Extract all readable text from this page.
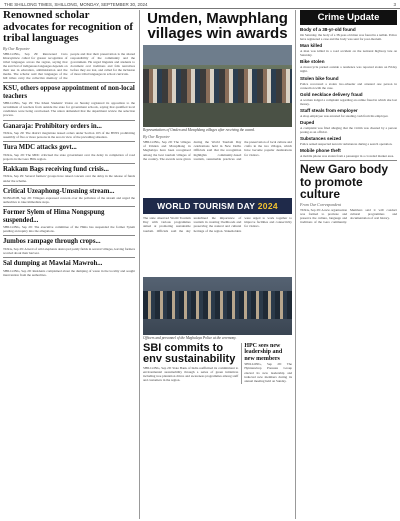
THE SHILLONG TIMES, SHILLONG, MONDAY, SEPTEMBER 30, 2024	3
Renowned scholar advocates for recognition of tribal languages
By Our Reporter

SHILLONG, Sep 29: Renowned Cuto Kharsyntiew called for greater recognition of tribal languages across the region, saying that the survival of indigenous languages depends on their use in education, administration and the media. The scholar said that languages of the hill tribes carry the collective memory of the people and that their preservation is the shared responsibility of the community and the government. He urged linguists and students to document oral traditions and folk narratives before they are lost, and called for the inclusion of more tribal languages in school curricula.

KSU, others oppose appointment of non-local teachers

SHILLONG, Sep 29: The Khasi Students' Union on Sunday registered its opposition to the recruitment of teachers from outside the state for government schools, saying that qualified local candidates were being overlooked. The union demanded that the department review the selection process.

Ganaraja: Prohibitory orders in...

TURA, Sep 29: The district magistrate issued orders under Section 163 of the BNSS prohibiting assembly of five or more persons in the area in view of the prevailing situation.

Tura MDC attacks govt...

TURA, Sep 29: The MDC criticised the state government over the delay in completion of road projects in the Garo Hills region.

Rakkam Bags receiving fund crisis...

TURA, Sep 29: Several farmers' groups have raised concern over the delay in the release of funds under the scheme.

Critical Uzeaphong-Umsning stream...

NONGPOH, Sep 29: Villagers expressed concern over the pollution of the stream and urged the authorities to take immediate steps.

Former Sylem of Hima Nongspung suspended...

SHILLONG, Sep 29: The executive committee of the Hima has suspended the former Syiem pending an inquiry into the allegations.

Jumbos rampage through crops...

TURA, Sep 29: A herd of wild elephants destroyed paddy fields in several villages, leaving farmers worried about their harvest.

Sal dumping at Mawlai Mawroh...

SHILLONG, Sep 29: Residents complained about the dumping of waste in the locality and sought intervention from the authorities.

Umden, Mawphlang villages win awards
Representatives of Umden and Mawphlang villages after receiving the award.
By Our Reporter

SHILLONG, Sep 29: The villages of Umden and Mawphlang in Meghalaya have been recognised among the best tourism villages of the country. The awards were given during the World Tourism Day celebrations held in New Delhi. Officials said that the recognition highlights community-based tourism, sustainable practices and the preservation of local culture and crafts in the two villages, which have become popular destinations for visitors.

WORLD TOURISM DAY 2024

The state observed World Tourism Day with various programmes aimed at promoting sustainable tourism. Officials said the day underlined the importance of tourism in creating livelihoods and preserving the natural and cultural heritage of the region. Stakeholders were urged to work together to improve facilities and connectivity for visitors.

Officers and personnel of the Meghalaya Police at the ceremony.
SBI commits to env sustainability

SHILLONG, Sep 29: State Bank of India reaffirmed its commitment to environmental sustainability through a series of green initiatives including tree plantation drives and awareness programmes among staff and customers in the region.

HPC sees new leadership and new members

SHILLONG, Sep 29: The Hynniewtrep Pressure Group elected its new leadership and inducted new members during its annual meeting held on Sunday.

Crime Update
Body of a 38-yr-old found

On Saturday, the body of a 38-year-old man was found in a nallah. Police have registered a case and the body was sent for post-mortem.

Man killed

A man was killed in a road accident on the national highway late on Saturday.

Bike stolen

A motorcycle parked outside a residence was reported stolen on Friday night.

Stolen bike found

Police recovered a stolen two-wheeler and arrested one person in connection with the case.

Gold necklace delivery fraud

A woman lodged a complaint regarding an online fraud in which she lost money.

Staff steals from employer

A shop employee was arrested for stealing cash from his employer.

Duped

A complaint was filed alleging that the victim was cheated by a person posing as an official.

Substances seized

Police seized suspected narcotic substances during a search operation.

Mobile phone theft

A mobile phone was stolen from a passenger in a crowded market area.

New Garo body to promote culture
From Our Correspondent

TURA, Sep 29: A new organisation was formed to promote and preserve the culture, language and traditions of the Garo community. Members said it will conduct cultural programmes and documentation of oral history.
